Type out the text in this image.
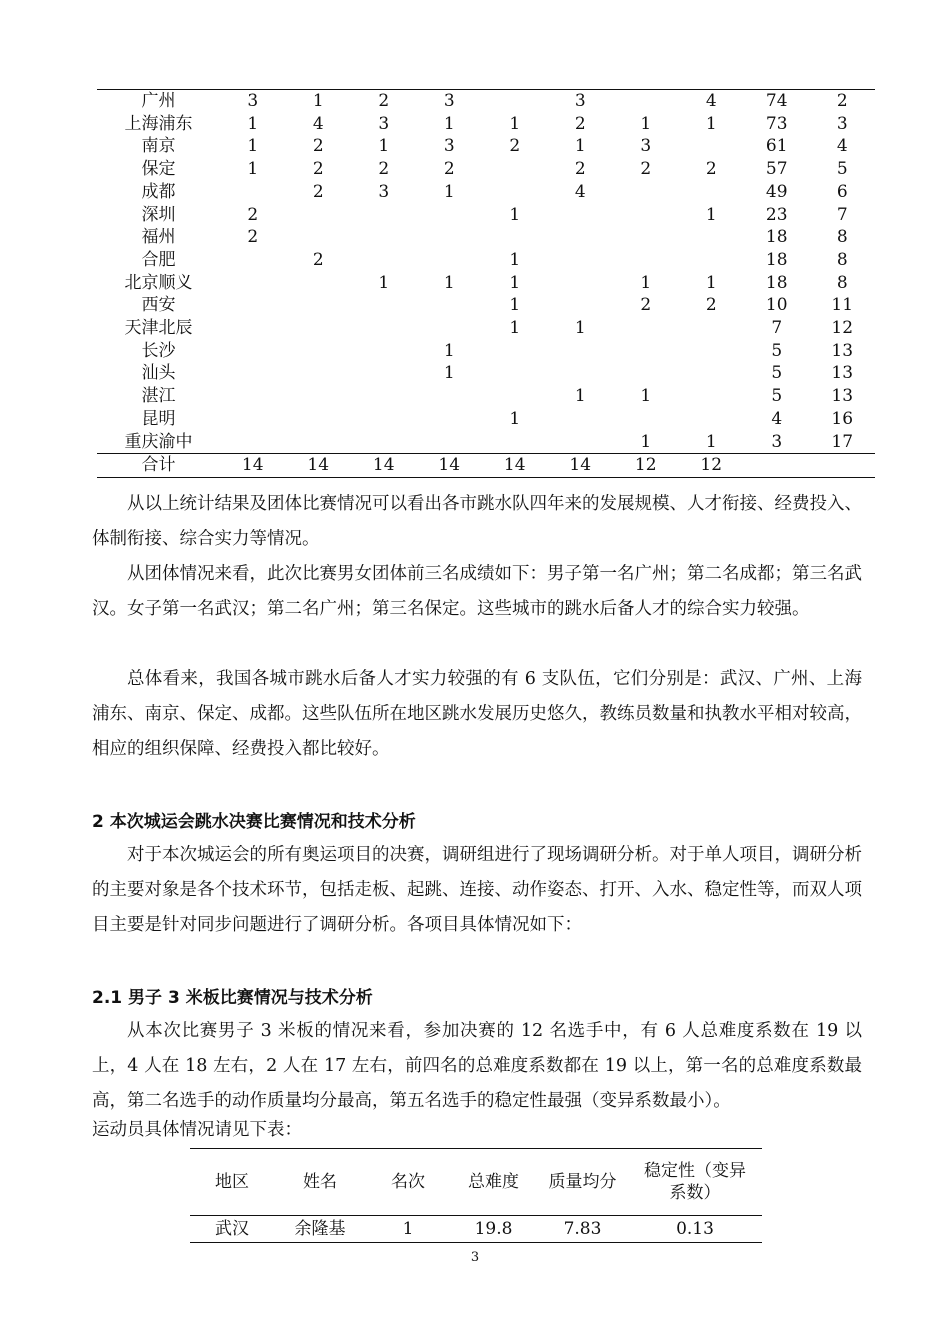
广州	3	1	2	3		3		4	74	2
上海浦东	1	4	3	1	1	2	1	1	73	3
南京	1	2	1	3	2	1	3		61	4
保定	1	2	2	2		2	2	2	57	5
成都		2	3	1		4			49	6
深圳	2				1			1	23	7
福州	2								18	8
合肥		2			1				18	8
北京顺义			1	1	1		1	1	18	8
西安					1		2	2	10	11
天津北辰					1	1			7	12
长沙				1					5	13
汕头				1					5	13
湛江						1	1		5	13
昆明					1				4	16
重庆渝中							1	1	3	17
合计	14	14	14	14	14	14	12	12		

从以上统计结果及团体比赛情况可以看出各市跳水队四年来的发展规模、人才衔接、经费投入、体制衔接、综合实力等情况。

从团体情况来看，此次比赛男女团体前三名成绩如下：男子第一名广州；第二名成都；第三名武汉。女子第一名武汉；第二名广州；第三名保定。这些城市的跳水后备人才的综合实力较强。

总体看来，我国各城市跳水后备人才实力较强的有 6 支队伍，它们分别是：武汉、广州、上海浦东、南京、保定、成都。这些队伍所在地区跳水发展历史悠久，教练员数量和执教水平相对较高，相应的组织保障、经费投入都比较好。

2 本次城运会跳水决赛比赛情况和技术分析

对于本次城运会的所有奥运项目的决赛，调研组进行了现场调研分析。对于单人项目，调研分析的主要对象是各个技术环节，包括走板、起跳、连接、动作姿态、打开、入水、稳定性等，而双人项目主要是针对同步问题进行了调研分析。各项目具体情况如下：

2.1 男子 3 米板比赛情况与技术分析

从本次比赛男子 3 米板的情况来看，参加决赛的 12 名选手中，有 6 人总难度系数在 19 以上，4 人在 18 左右，2 人在 17 左右，前四名的总难度系数都在 19 以上，第一名的总难度系数最高，第二名选手的动作质量均分最高，第五名选手的稳定性最强（变异系数最小）。

运动员具体情况请见下表：

地区	姓名	名次	总难度	质量均分	稳定性（变异系数）
武汉	余隆基	1	19.8	7.83	0.13
3
